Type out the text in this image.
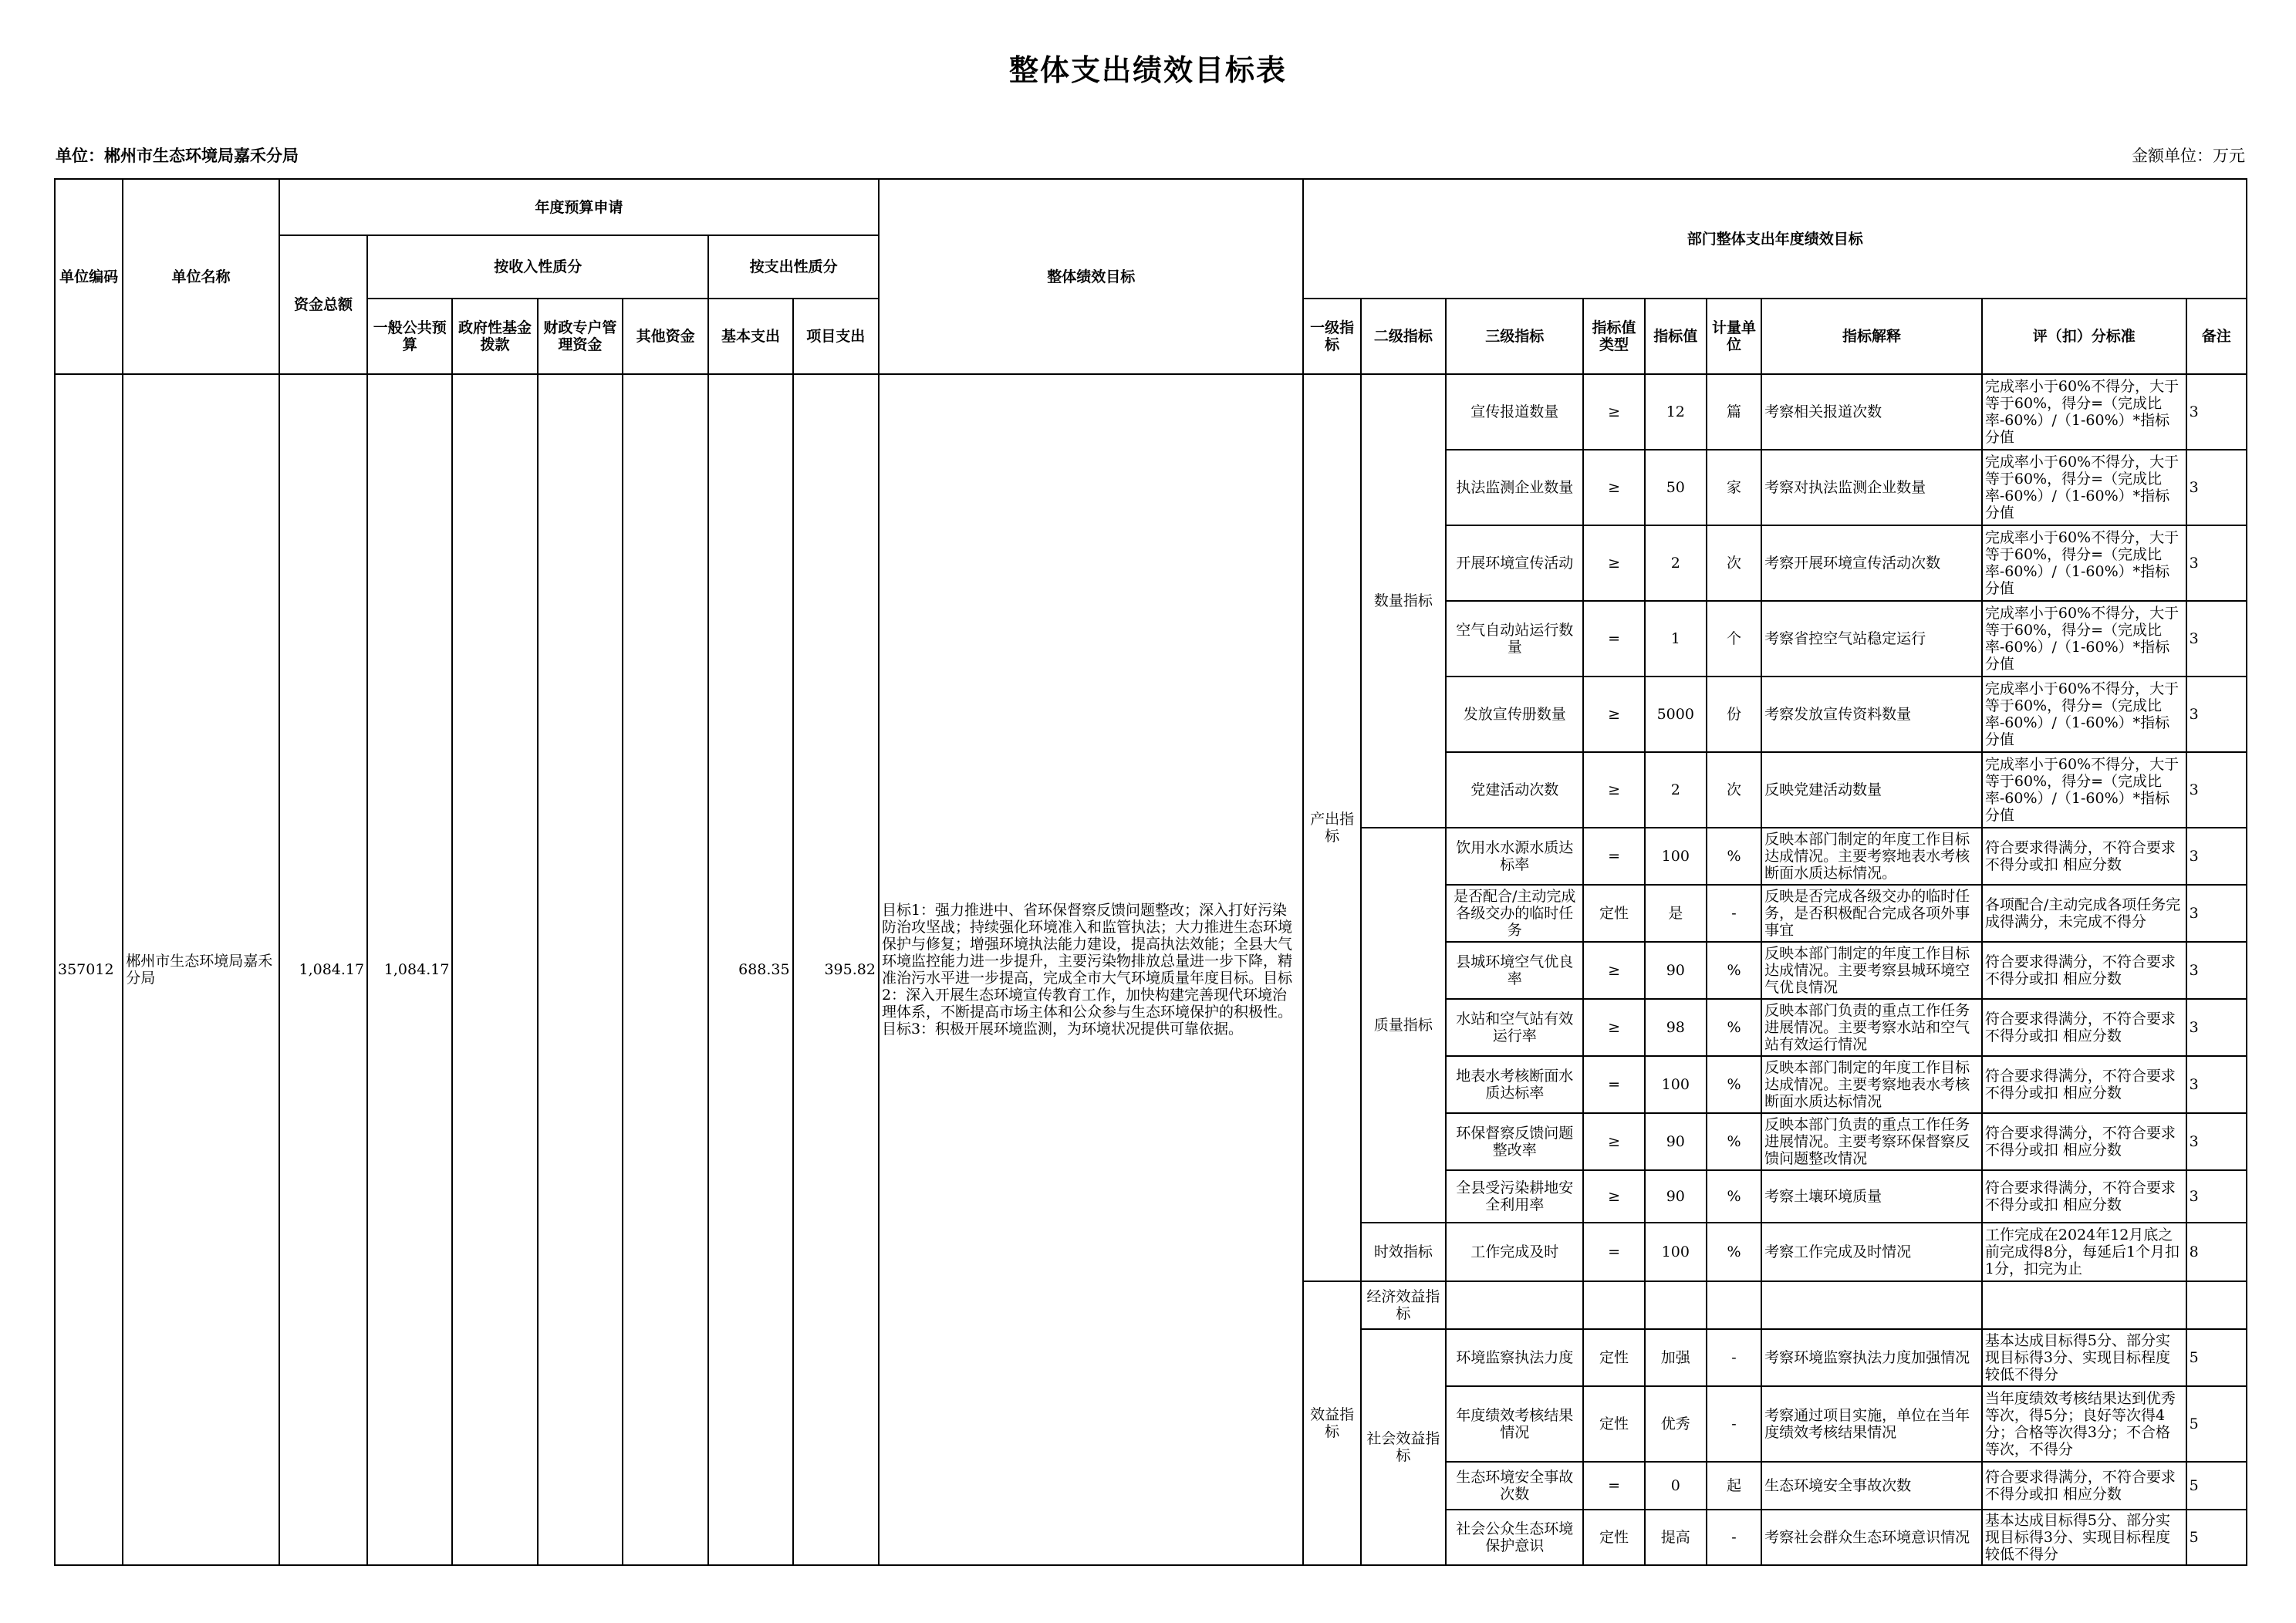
整体支出绩效目标表
单位：郴州市生态环境局嘉禾分局	金额单位：万元
单位编码	单位名称	年度预算申请							整体绩效目标	部门整体支出年度绩效目标								
		资金总额	按收入性质分				按支出性质分											
			一般公共预算	政府性基金拨款	财政专户管理资金	其他资金	基本支出	项目支出		一级指标	二级指标	三级指标	指标值类型	指标值	计量单位	指标解释	评（扣）分标准	备注
357012	郴州市生态环境局嘉禾分局	1,084.17	1,084.17				688.35	395.82	目标1：强力推进中、省环保督察反馈问题整改；深入打好污染防治攻坚战；持续强化环境准入和监管执法；大力推进生态环境保护与修复；增强环境执法能力建设，提高执法效能；全县大气环境监控能力进一步提升，主要污染物排放总量进一步下降，精准治污水平进一步提高，完成全市大气环境质量年度目标。目标2：深入开展生态环境宣传教育工作，加快构建完善现代环境治理体系，不断提高市场主体和公众参与生态环境保护的积极性。目标3：积极开展环境监测，为环境状况提供可靠依据。	产出指标	数量指标	宣传报道数量	≥	12	篇	考察相关报道次数	完成率小于60%不得分，大于等于60%，得分=（完成比率-60%）/（1-60%）*指标分值	3
												执法监测企业数量	≥	50	家	考察对执法监测企业数量	完成率小于60%不得分，大于等于60%，得分=（完成比率-60%）/（1-60%）*指标分值	3
												开展环境宣传活动	≥	2	次	考察开展环境宣传活动次数	完成率小于60%不得分，大于等于60%，得分=（完成比率-60%）/（1-60%）*指标分值	3
												空气自动站运行数量	=	1	个	考察省控空气站稳定运行	完成率小于60%不得分，大于等于60%，得分=（完成比率-60%）/（1-60%）*指标分值	3
												发放宣传册数量	≥	5000	份	考察发放宣传资料数量	完成率小于60%不得分，大于等于60%，得分=（完成比率-60%）/（1-60%）*指标分值	3
												党建活动次数	≥	2	次	反映党建活动数量	完成率小于60%不得分，大于等于60%，得分=（完成比率-60%）/（1-60%）*指标分值	3
											质量指标	饮用水水源水质达标率	=	100	%	反映本部门制定的年度工作目标达成情况。主要考察地表水考核断面水质达标情况。	符合要求得满分，不符合要求不得分或扣 相应分数	3
												是否配合/主动完成各级交办的临时任务	定性	是	-	反映是否完成各级交办的临时任务，是否积极配合完成各项外事事宜	各项配合/主动完成各项任务完成得满分，未完成不得分	3
												县城环境空气优良率	≥	90	%	反映本部门制定的年度工作目标达成情况。主要考察县城环境空气优良情况	符合要求得满分，不符合要求不得分或扣 相应分数	3
												水站和空气站有效运行率	≥	98	%	反映本部门负责的重点工作任务进展情况。主要考察水站和空气站有效运行情况	符合要求得满分，不符合要求不得分或扣 相应分数	3
												地表水考核断面水质达标率	=	100	%	反映本部门制定的年度工作目标达成情况。主要考察地表水考核断面水质达标情况	符合要求得满分，不符合要求不得分或扣 相应分数	3
												环保督察反馈问题整改率	≥	90	%	反映本部门负责的重点工作任务进展情况。主要考察环保督察反馈问题整改情况	符合要求得满分，不符合要求不得分或扣 相应分数	3
												全县受污染耕地安全利用率	≥	90	%	考察土壤环境质量	符合要求得满分，不符合要求不得分或扣 相应分数	3
											时效指标	工作完成及时	=	100	%	考察工作完成及时情况	工作完成在2024年12月底之前完成得8分，每延后1个月扣1分，扣完为止	8
										效益指标	经济效益指标							
											社会效益指标	环境监察执法力度	定性	加强	-	考察环境监察执法力度加强情况	基本达成目标得5分、部分实现目标得3分、实现目标程度较低不得分	5
												年度绩效考核结果情况	定性	优秀	-	考察通过项目实施，单位在当年度绩效考核结果情况	当年度绩效考核结果达到优秀等次，得5分；良好等次得4分；合格等次得3分；不合格等次，不得分	5
												生态环境安全事故次数	=	0	起	生态环境安全事故次数	符合要求得满分，不符合要求不得分或扣 相应分数	5
												社会公众生态环境保护意识	定性	提高	-	考察社会群众生态环境意识情况	基本达成目标得5分、部分实现目标得3分、实现目标程度较低不得分	5
